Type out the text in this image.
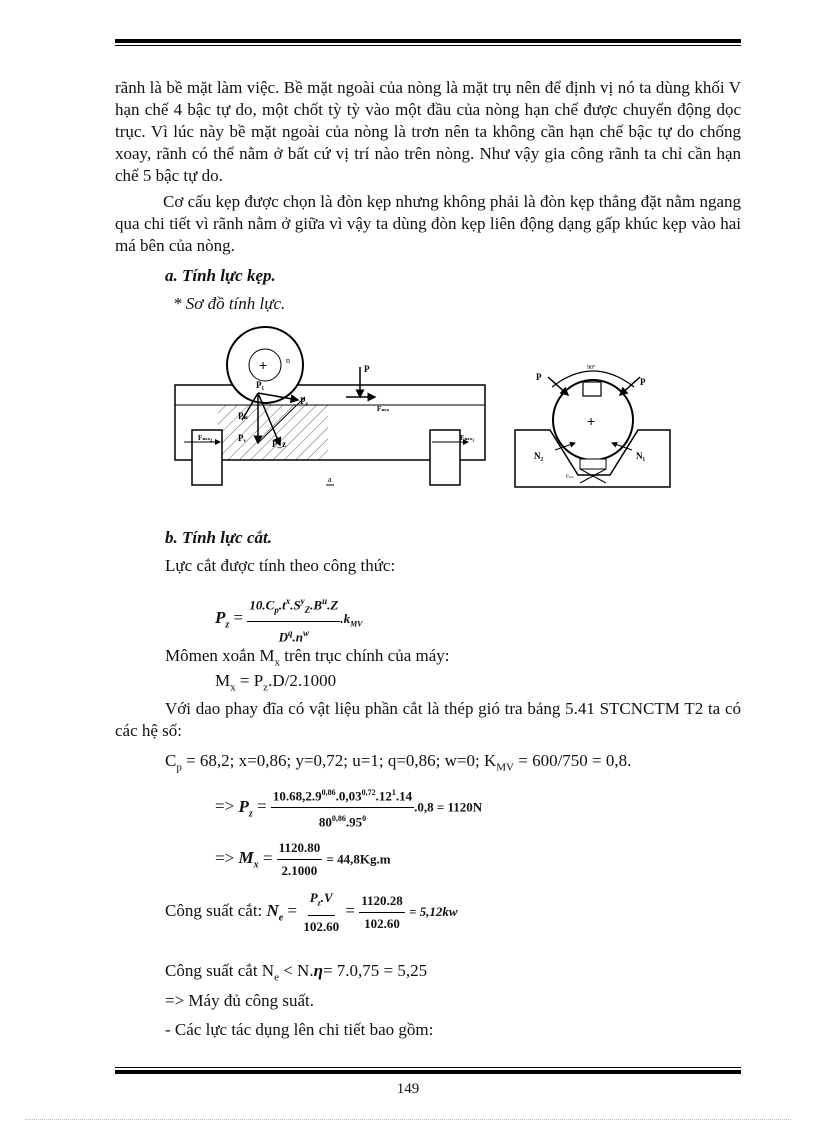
rãnh là bề mặt làm việc. Bề mặt ngoài của nòng là mặt trụ nên để định vị nó ta dùng khối V hạn chế 4 bậc tự do, một chốt tỳ tỳ vào một đầu của nòng hạn chế được chuyển động dọc trục. Vì lúc này bề mặt ngoài của nòng là trơn nên ta không cần hạn chế bậc tự do chống xoay, rãnh có thể nằm ở bất cứ vị trí nào trên nòng. Như vậy gia công rãnh ta chỉ cần hạn chế 5 bậc tự do.

Cơ cấu kẹp được chọn là đòn kẹp nhưng không phải là đòn kẹp thẳng đặt nằm ngang qua chi tiết vì rãnh nằm ở giữa vì vậy ta dùng đòn kẹp liên động dạng gấp khúc kẹp vào hai má bên của nòng.

a. Tính lực kẹp.
* Sơ đồ tính lực.
+ n
P₁
Pᵧ
Pₖ
Pᵥ
P_z
P
Fₘₛ
Fₘₛ₂	Fₘₛ₁
a
+
P	P
90°
N₂	N₁
Fₘₛ
b. Tính lực cắt.
Lực cắt được tính theo công thức:
$P_z = \frac{10.C_p.t^x.S^y_Z.B^u.Z}{D^q.n^w} .k_{MV}$
Mômen xoắn $M_x$ trên trục chính của máy:
$M_x = P_z.D/2.1000$

Với dao phay đĩa có vật liệu phần cắt là thép gió tra bảng 5.41 STCNCTM T2 ta có các hệ số:

$C_p = 68,2$; x=0,86; y=0,72; u=1; q=0,86; w=0; $K_{MV} = 600/750 = 0,8$.
=> $P_z = \frac{10.68,2.9^{0,86}.0,03^{0,72}.12^1.14}{80^{0,86}.95^0} .0,8 = 1120N$
=> $M_x = \frac{1120.80}{2.1000} = 44,8Kg.m$
Công suất cắt: $N_e = \frac{P_z.V}{102.60} = \frac{1120.28}{102.60} = 5,12kw$
Công suất cắt $N_e < N.\eta= 7.0,75 = 5,25$
=> Máy đủ công suất.
- Các lực tác dụng lên chi tiết bao gồm:
149
